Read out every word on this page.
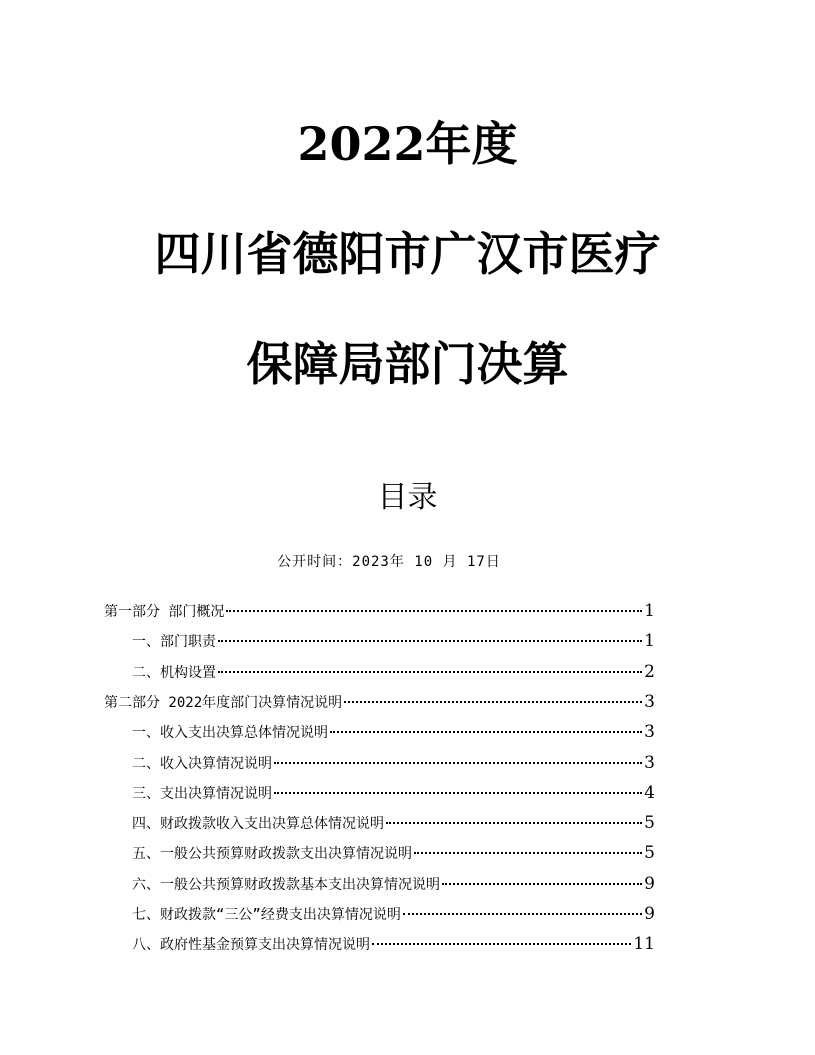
2022年度
四川省德阳市广汉市医疗
保障局部门决算
目录
公开时间：2023年 10 月 17日
第一部分 部门概况	1
一、部门职责	1
二、机构设置	2
第二部分 2022年度部门决算情况说明	3
一、收入支出决算总体情况说明	3
二、收入决算情况说明	3
三、支出决算情况说明	4
四、财政拨款收入支出决算总体情况说明	5
五、一般公共预算财政拨款支出决算情况说明	5
六、一般公共预算财政拨款基本支出决算情况说明	9
七、财政拨款“三公”经费支出决算情况说明	9
八、政府性基金预算支出决算情况说明	11
